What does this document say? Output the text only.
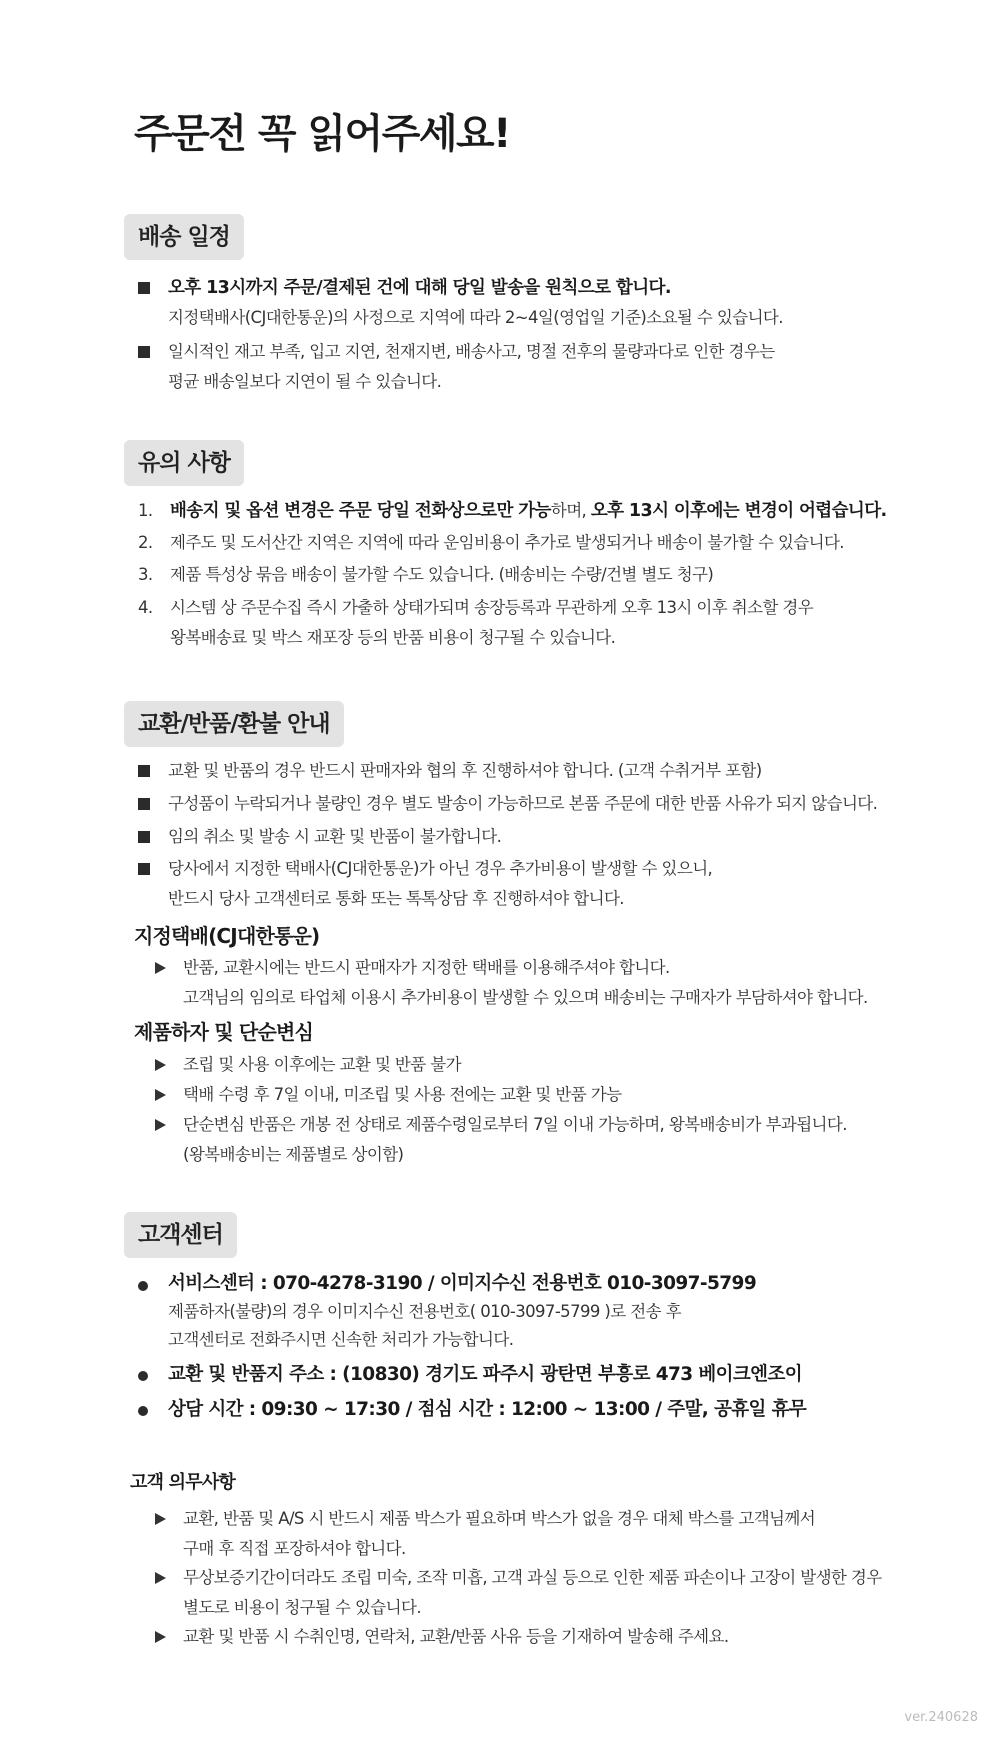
주문전 꼭 읽어주세요!
배송 일정
오후 13시까지 주문/결제된 건에 대해 당일 발송을 원칙으로 합니다.
지정택배사(CJ대한통운)의 사정으로 지역에 따라 2~4일(영업일 기준)소요될 수 있습니다.
일시적인 재고 부족, 입고 지연, 천재지변, 배송사고, 명절 전후의 물량과다로 인한 경우는
평균 배송일보다 지연이 될 수 있습니다.
유의 사항
1. 배송지 및 옵션 변경은 주문 당일 전화상으로만 가능하며, 오후 13시 이후에는 변경이 어렵습니다.
2.	제주도 및 도서산간 지역은 지역에 따라 운임비용이 추가로 발생되거나 배송이 불가할 수 있습니다.
3.	제품 특성상 묶음 배송이 불가할 수도 있습니다. (배송비는 수량/건별 별도 청구)
4.	시스템 상 주문수집 즉시 가출하 상태가되며 송장등록과 무관하게 오후 13시 이후 취소할 경우
왕복배송료 및 박스 재포장 등의 반품 비용이 청구될 수 있습니다.
교환/반품/환불 안내
교환 및 반품의 경우 반드시 판매자와 협의 후 진행하셔야 합니다. (고객 수취거부 포함)
구성품이 누락되거나 불량인 경우 별도 발송이 가능하므로 본품 주문에 대한 반품 사유가 되지 않습니다.
임의 취소 및 발송 시 교환 및 반품이 불가합니다.
당사에서 지정한 택배사(CJ대한통운)가 아닌 경우 추가비용이 발생할 수 있으니,
반드시 당사 고객센터로 통화 또는 톡톡상담 후 진행하셔야 합니다.
지정택배(CJ대한통운)
반품, 교환시에는 반드시 판매자가 지정한 택배를 이용해주셔야 합니다.
고객님의 임의로 타업체 이용시 추가비용이 발생할 수 있으며 배송비는 구매자가 부담하셔야 합니다.
제품하자 및 단순변심
조립 및 사용 이후에는 교환 및 반품 불가
택배 수령 후 7일 이내, 미조립 및 사용 전에는 교환 및 반품 가능
단순변심 반품은 개봉 전 상태로 제품수령일로부터 7일 이내 가능하며, 왕복배송비가 부과됩니다.
(왕복배송비는 제품별로 상이함)
고객센터
서비스센터 : 070-4278-3190 / 이미지수신 전용번호 010-3097-5799
제품하자(불량)의 경우 이미지수신 전용번호( 010-3097-5799 )로 전송 후
고객센터로 전화주시면 신속한 처리가 가능합니다.
교환 및 반품지 주소 : (10830) 경기도 파주시 광탄면 부흥로 473 베이크엔조이
상담 시간 : 09:30 ~ 17:30 / 점심 시간 : 12:00 ~ 13:00 / 주말, 공휴일 휴무
고객 의무사항
교환, 반품 및 A/S 시 반드시 제품 박스가 필요하며 박스가 없을 경우 대체 박스를 고객님께서
구매 후 직접 포장하셔야 합니다.
무상보증기간이더라도 조립 미숙, 조작 미흡, 고객 과실 등으로 인한 제품 파손이나 고장이 발생한 경우
별도로 비용이 청구될 수 있습니다.
교환 및 반품 시 수취인명, 연락처, 교환/반품 사유 등을 기재하여 발송해 주세요.
ver.240628
